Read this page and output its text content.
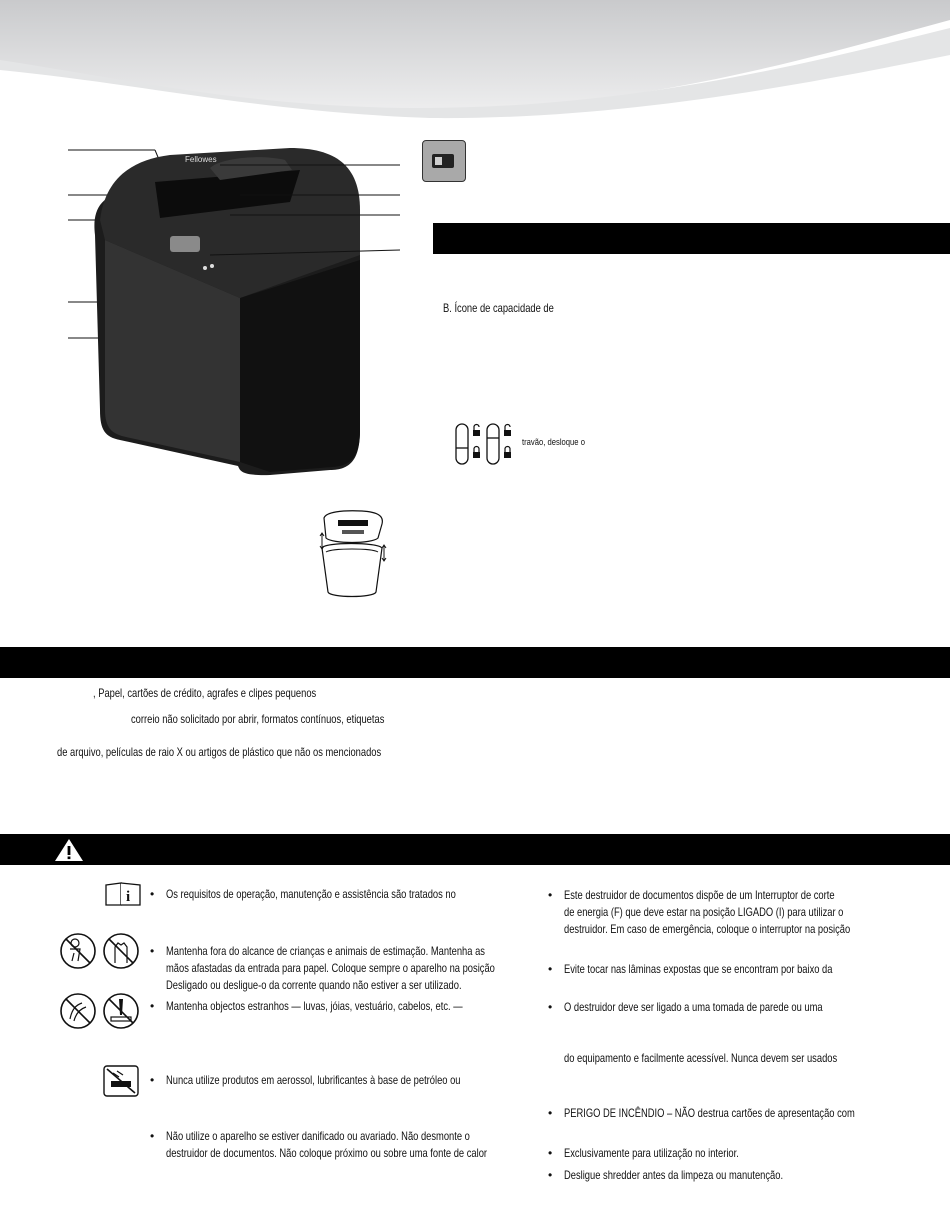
Fellowes
B. Ícone de capacidade de
travão, desloque o
, Papel, cartões de crédito, agrafes e clipes pequenos
correio não solicitado por abrir, formatos contínuos, etiquetas
de arquivo, películas de raio X ou artigos de plástico que não os mencionados
i • Os requisitos de operação, manutenção e assistência são tratados no
• Mantenha fora do alcance de crianças e animais de estimação. Mantenha as
mãos afastadas da entrada para papel. Coloque sempre o aparelho na posição
Desligado ou desligue-o da corrente quando não estiver a ser utilizado.
• Mantenha objectos estranhos — luvas, jóias, vestuário, cabelos, etc. —
• Nunca utilize produtos em aerossol, lubrificantes à base de petróleo ou
• Não utilize o aparelho se estiver danificado ou avariado. Não desmonte o
destruidor de documentos. Não coloque próximo ou sobre uma fonte de calor
• Este destruidor de documentos dispõe de um Interruptor de corte
de energia (F) que deve estar na posição LIGADO (I) para utilizar o
destruidor. Em caso de emergência, coloque o interruptor na posição
• Evite tocar nas lâminas expostas que se encontram por baixo da
• O destruidor deve ser ligado a uma tomada de parede ou uma
do equipamento e facilmente acessível. Nunca devem ser usados
• PERIGO DE INCÊNDIO – NÃO destrua cartões de apresentação com
• Exclusivamente para utilização no interior.
• Desligue shredder antes da limpeza ou manutenção.
